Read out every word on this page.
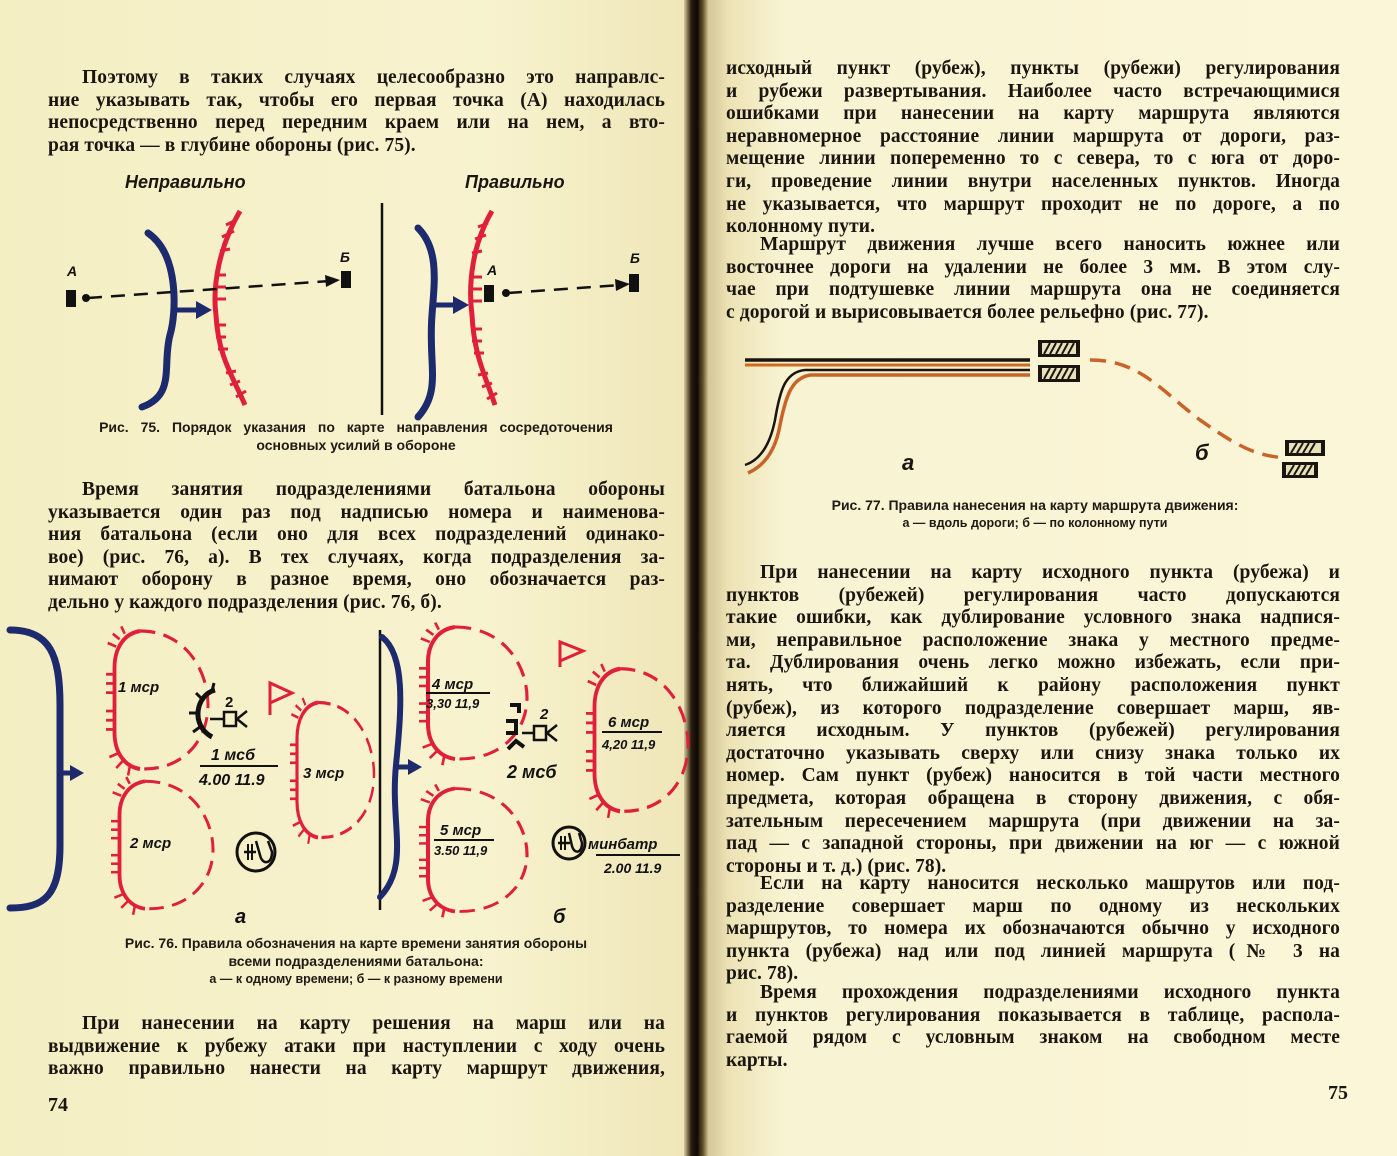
Поэтому в таких случаях целесообразно это направлс-
ние указывать так, чтобы его первая точка (А) находилась
непосредственно перед передним краем или на нем, а вто-
рая точка — в глубине обороны (рис. 75).
Неправильно	Правильно
А
Б
А
Б
Рис. 75. Порядок указания по карте направления сосредоточения
основных усилий в обороне
Время занятия подразделениями батальона обороны
указывается один раз под надписью номера и наименова-
ния батальона (если оно для всех подразделений одинако-
вое) (рис. 76, а). В тех случаях, когда подразделения за-
нимают оборону в разное время, оно обозначается раз-
дельно у каждого подразделения (рис. 76, б).
1 мср
2 мср
3 мср
2
1 мсб
4.00 11.9
а
4 мср
3,30 11,9
5 мср
3.50 11,9
6 мср
4,20 11,9
2
2 мсб
минбатр
2.00 11.9
б
Рис. 76. Правила обозначения на карте времени занятия обороны
всеми подразделениями батальона:
а — к одному времени; б — к разному времени
При нанесении на карту решения на марш или на
выдвижение к рубежу атаки при наступлении с ходу очень
важно правильно нанести на карту маршрут движения,
74
исходный пункт (рубеж), пункты (рубежи) регулирования
и рубежи развертывания. Наиболее часто встречающимися
ошибками при нанесении на карту маршрута являются
неравномерное расстояние линии маршрута от дороги, раз-
мещение линии попеременно то с севера, то с юга от доро-
ги, проведение линии внутри населенных пунктов. Иногда
не указывается, что маршрут проходит не по дороге, а по
колонному пути.
Маршрут движения лучше всего наносить южнее или
восточнее дороги на удалении не более 3 мм. В этом слу-
чае при подтушевке линии маршрута она не соединяется
с дорогой и вырисовывается более рельефно (рис. 77).
а	б
Рис. 77. Правила нанесения на карту маршрута движения:
а — вдоль дороги; б — по колонному пути
При нанесении на карту исходного пункта (рубежа) и
пунктов (рубежей) регулирования часто допускаются
такие ошибки, как дублирование условного знака надпися-
ми, неправильное расположение знака у местного предме-
та. Дублирования очень легко можно избежать, если при-
нять, что ближайший к району расположения пункт
(рубеж), из которого подразделение совершает марш, яв-
ляется исходным. У пунктов (рубежей) регулирования
достаточно указывать сверху или снизу знака только их
номер. Сам пункт (рубеж) наносится в той части местного
предмета, которая обращена в сторону движения, с обя-
зательным пересечением маршрута (при движении на за-
пад — с западной стороны, при движении на юг — с южной
стороны и т. д.) (рис. 78).
Если на карту наносится несколько машрутов или под-
разделение совершает марш по одному из нескольких
маршрутов, то номера их обозначаются обычно у исходного
пункта (рубежа) над или под линией маршрута (№ 3 на
рис. 78).
Время прохождения подразделениями исходного пункта
и пунктов регулирования показывается в таблице, распола-
гаемой рядом с условным знаком на свободном месте
карты.
75
